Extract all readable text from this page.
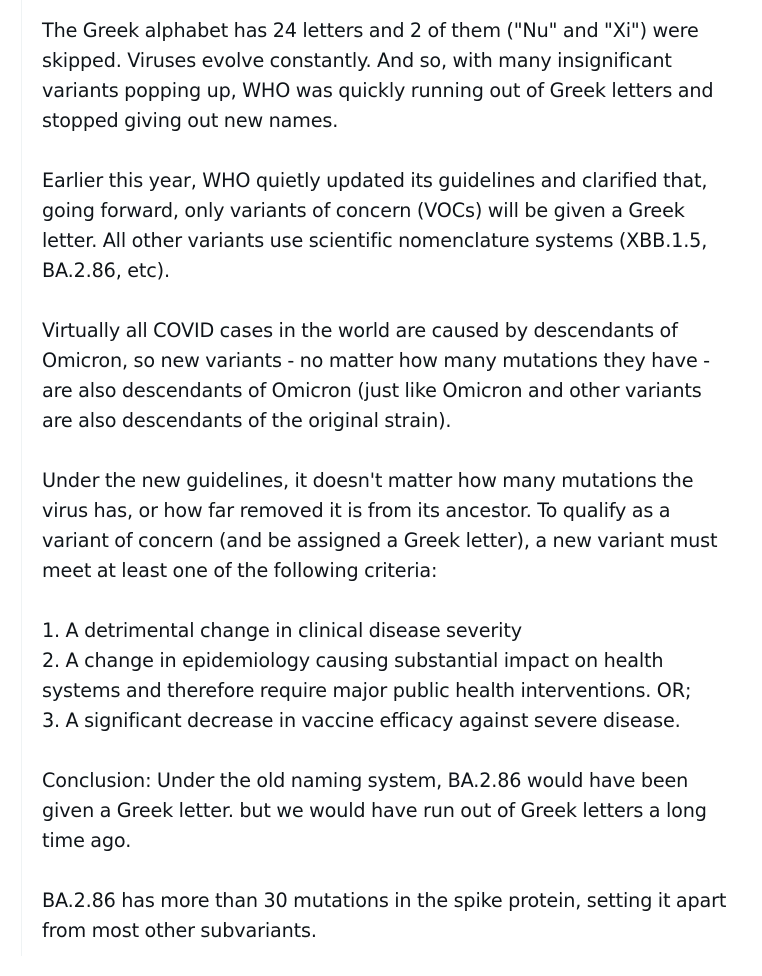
The Greek alphabet has 24 letters and 2 of them ("Nu" and "Xi") were
skipped. Viruses evolve constantly. And so, with many insignificant
variants popping up, WHO was quickly running out of Greek letters and
stopped giving out new names.

Earlier this year, WHO quietly updated its guidelines and clarified that,
going forward, only variants of concern (VOCs) will be given a Greek
letter. All other variants use scientific nomenclature systems (XBB.1.5,
BA.2.86, etc).

Virtually all COVID cases in the world are caused by descendants of
Omicron, so new variants - no matter how many mutations they have -
are also descendants of Omicron (just like Omicron and other variants
are also descendants of the original strain).

Under the new guidelines, it doesn't matter how many mutations the
virus has, or how far removed it is from its ancestor. To qualify as a
variant of concern (and be assigned a Greek letter), a new variant must
meet at least one of the following criteria:

1. A detrimental change in clinical disease severity
2. A change in epidemiology causing substantial impact on health
systems and therefore require major public health interventions. OR;
3. A significant decrease in vaccine efficacy against severe disease.

Conclusion: Under the old naming system, BA.2.86 would have been
given a Greek letter. but we would have run out of Greek letters a long
time ago.

BA.2.86 has more than 30 mutations in the spike protein, setting it apart
from most other subvariants.
